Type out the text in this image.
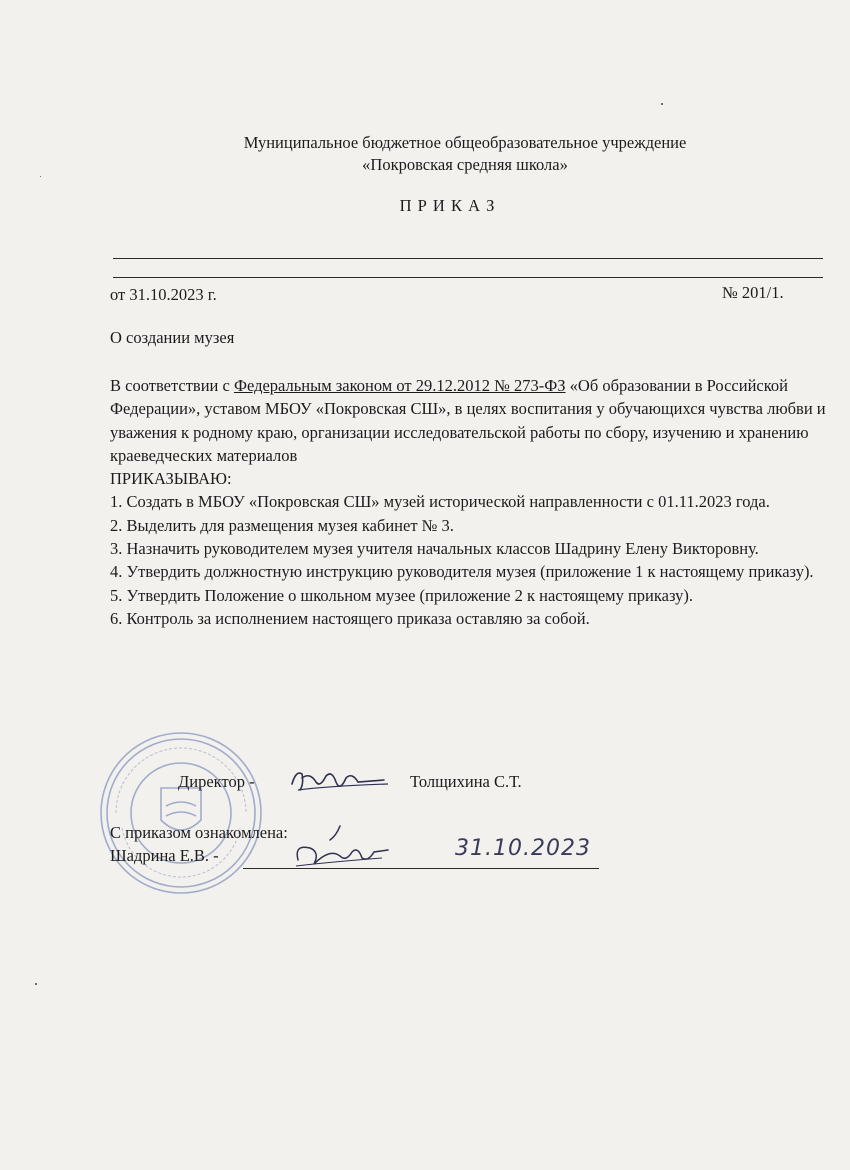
Муниципальное бюджетное общеобразовательное учреждение
«Покровская средняя школа»
П Р И К А З
от 31.10.2023 г.	№ 201/1.
О создании музея

В соответствии с Федеральным законом от 29.12.2012 № 273-ФЗ «Об образовании в Российской Федерации», уставом МБОУ «Покровская СШ», в целях воспитания у обучающихся чувства любви и уважения к родному краю, организации исследовательской работы по сбору, изучению и хранению краеведческих материалов

ПРИКАЗЫВАЮ:

1. Создать в МБОУ «Покровская СШ» музей исторической направленности с 01.11.2023 года.

2. Выделить для размещения музея кабинет № 3.

3. Назначить руководителем музея учителя начальных классов Шадрину Елену Викторовну.

4. Утвердить должностную инструкцию руководителя музея (приложение 1 к настоящему приказу).

5. Утвердить Положение о школьном музее (приложение 2 к настоящему приказу).

6. Контроль за исполнением настоящего приказа оставляю за собой.

Директор -	Толщихина С.Т.
С приказом ознакомлена:
Шадрина Е.В. -	31.10.2023
